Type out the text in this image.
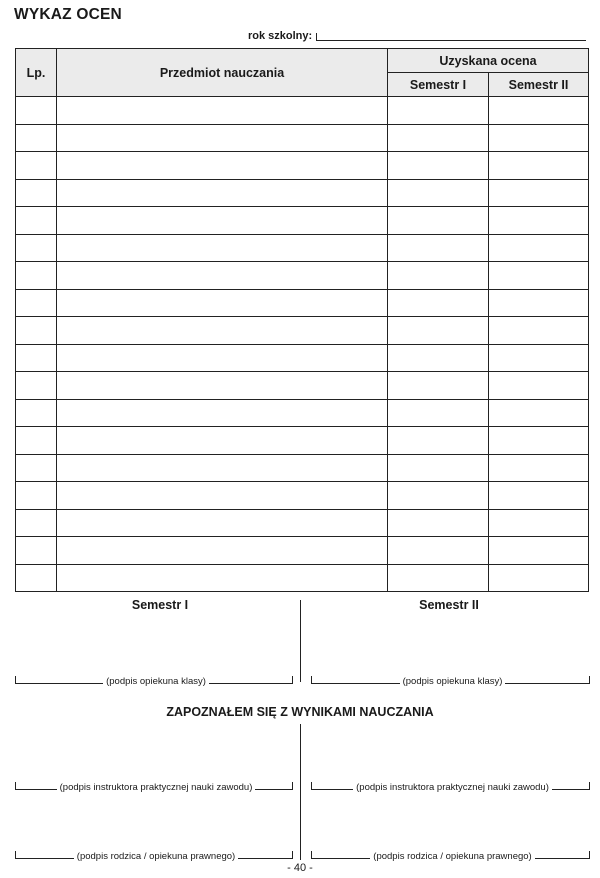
WYKAZ OCEN
rok szkolny:
Lp.	Przedmiot nauczania	Uzyskana ocena	
		Semestr I	Semestr II

Semestr I	Semestr II
(podpis opiekuna klasy)	(podpis opiekuna klasy)
ZAPOZNAŁEM SIĘ Z WYNIKAMI NAUCZANIA
(podpis instruktora praktycznej nauki zawodu)	(podpis instruktora praktycznej nauki zawodu)
(podpis rodzica / opiekuna prawnego)	(podpis rodzica / opiekuna prawnego)
- 40 -
